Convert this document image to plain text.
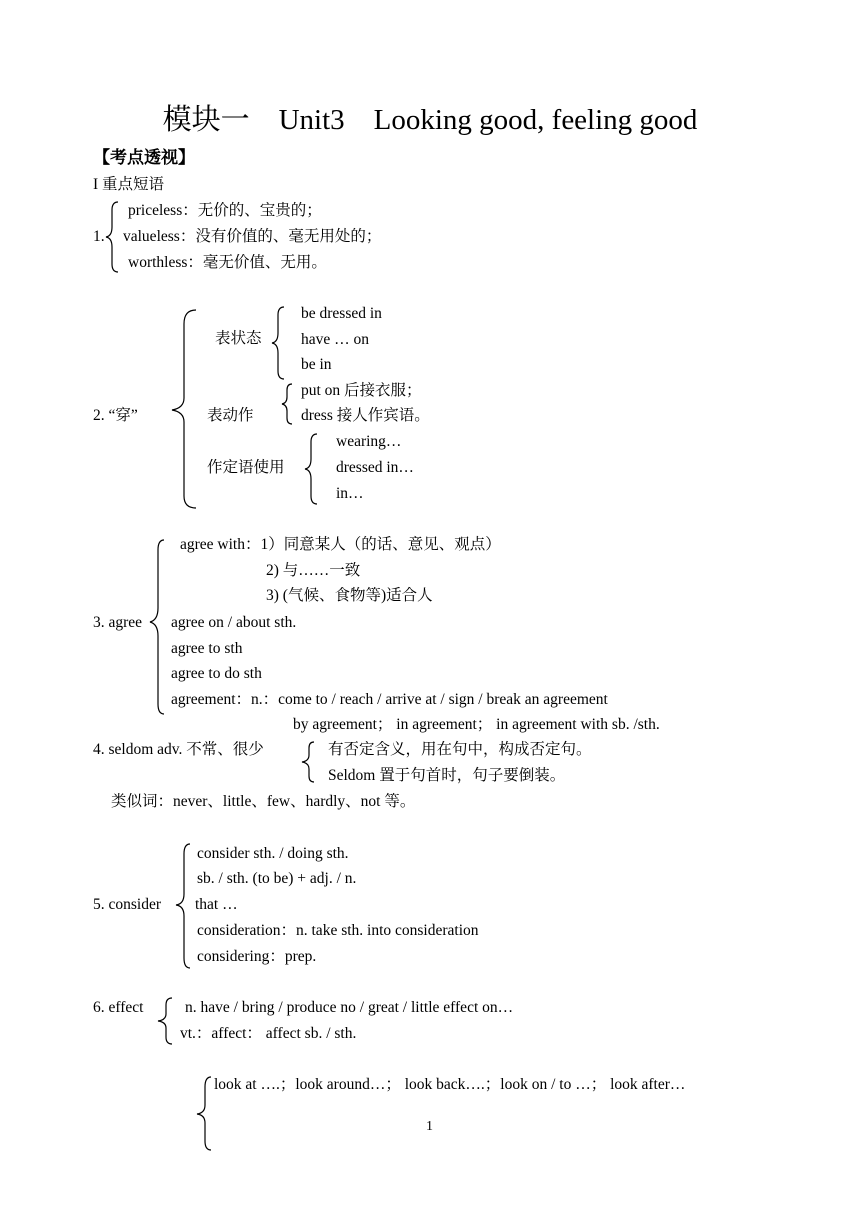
模块一　Unit3　Looking good, feeling good
【考点透视】
I 重点短语
1.
priceless：无价的、宝贵的；
valueless：没有价值的、毫无用处的；
worthless：毫无价值、无用。
2. “穿”
表状态
be dressed in
have … on
be in
表动作
put on 后接衣服；
dress 接人作宾语。
作定语使用
wearing…
dressed in…
in…
3. agree
agree with：1）同意某人（的话、意见、观点）
2) 与……一致
3) (气候、食物等)适合人
agree on / about sth.
agree to sth
agree to do sth
agreement：n.：come to / reach / arrive at / sign / break an agreement
by agreement； in agreement； in agreement with sb. /sth.
4. seldom adv. 不常、很少	有否定含义，用在句中，构成否定句。
Seldom 置于句首时，句子要倒装。
类似词：never、little、few、hardly、not 等。
5. consider
consider sth. / doing sth.
sb. / sth. (to be) + adj. / n.
that …
consideration：n. take sth. into consideration
considering：prep.
6. effect	n. have / bring / produce no / great / little effect on…
vt.：affect： affect sb. / sth.
look at ….；look around…； look back….；look on / to …； look after…
1
